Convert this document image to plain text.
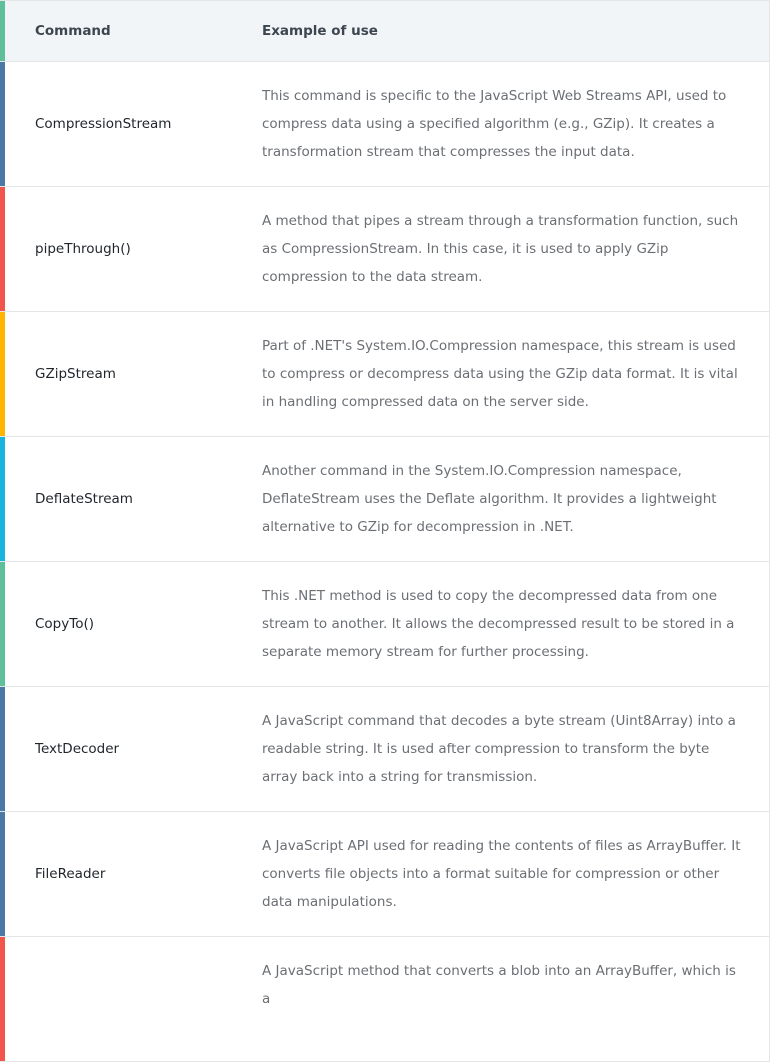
Command	Example of use
CompressionStream
This command is specific to the JavaScript Web Streams API, used to compress data using a specified algorithm (e.g., GZip). It creates a transformation stream that compresses the input data.
pipeThrough()
A method that pipes a stream through a transformation function, such as CompressionStream. In this case, it is used to apply GZip compression to the data stream.
GZipStream
Part of .NET's System.IO.Compression namespace, this stream is used to compress or decompress data using the GZip data format. It is vital in handling compressed data on the server side.
DeflateStream
Another command in the System.IO.Compression namespace, DeflateStream uses the Deflate algorithm. It provides a lightweight alternative to GZip for decompression in .NET.
CopyTo()
This .NET method is used to copy the decompressed data from one stream to another. It allows the decompressed result to be stored in a separate memory stream for further processing.
TextDecoder
A JavaScript command that decodes a byte stream (Uint8Array) into a readable string. It is used after compression to transform the byte array back into a string for transmission.
FileReader
A JavaScript API used for reading the contents of files as ArrayBuffer. It converts file objects into a format suitable for compression or other data manipulations.
A JavaScript method that converts a blob into an ArrayBuffer, which is a
